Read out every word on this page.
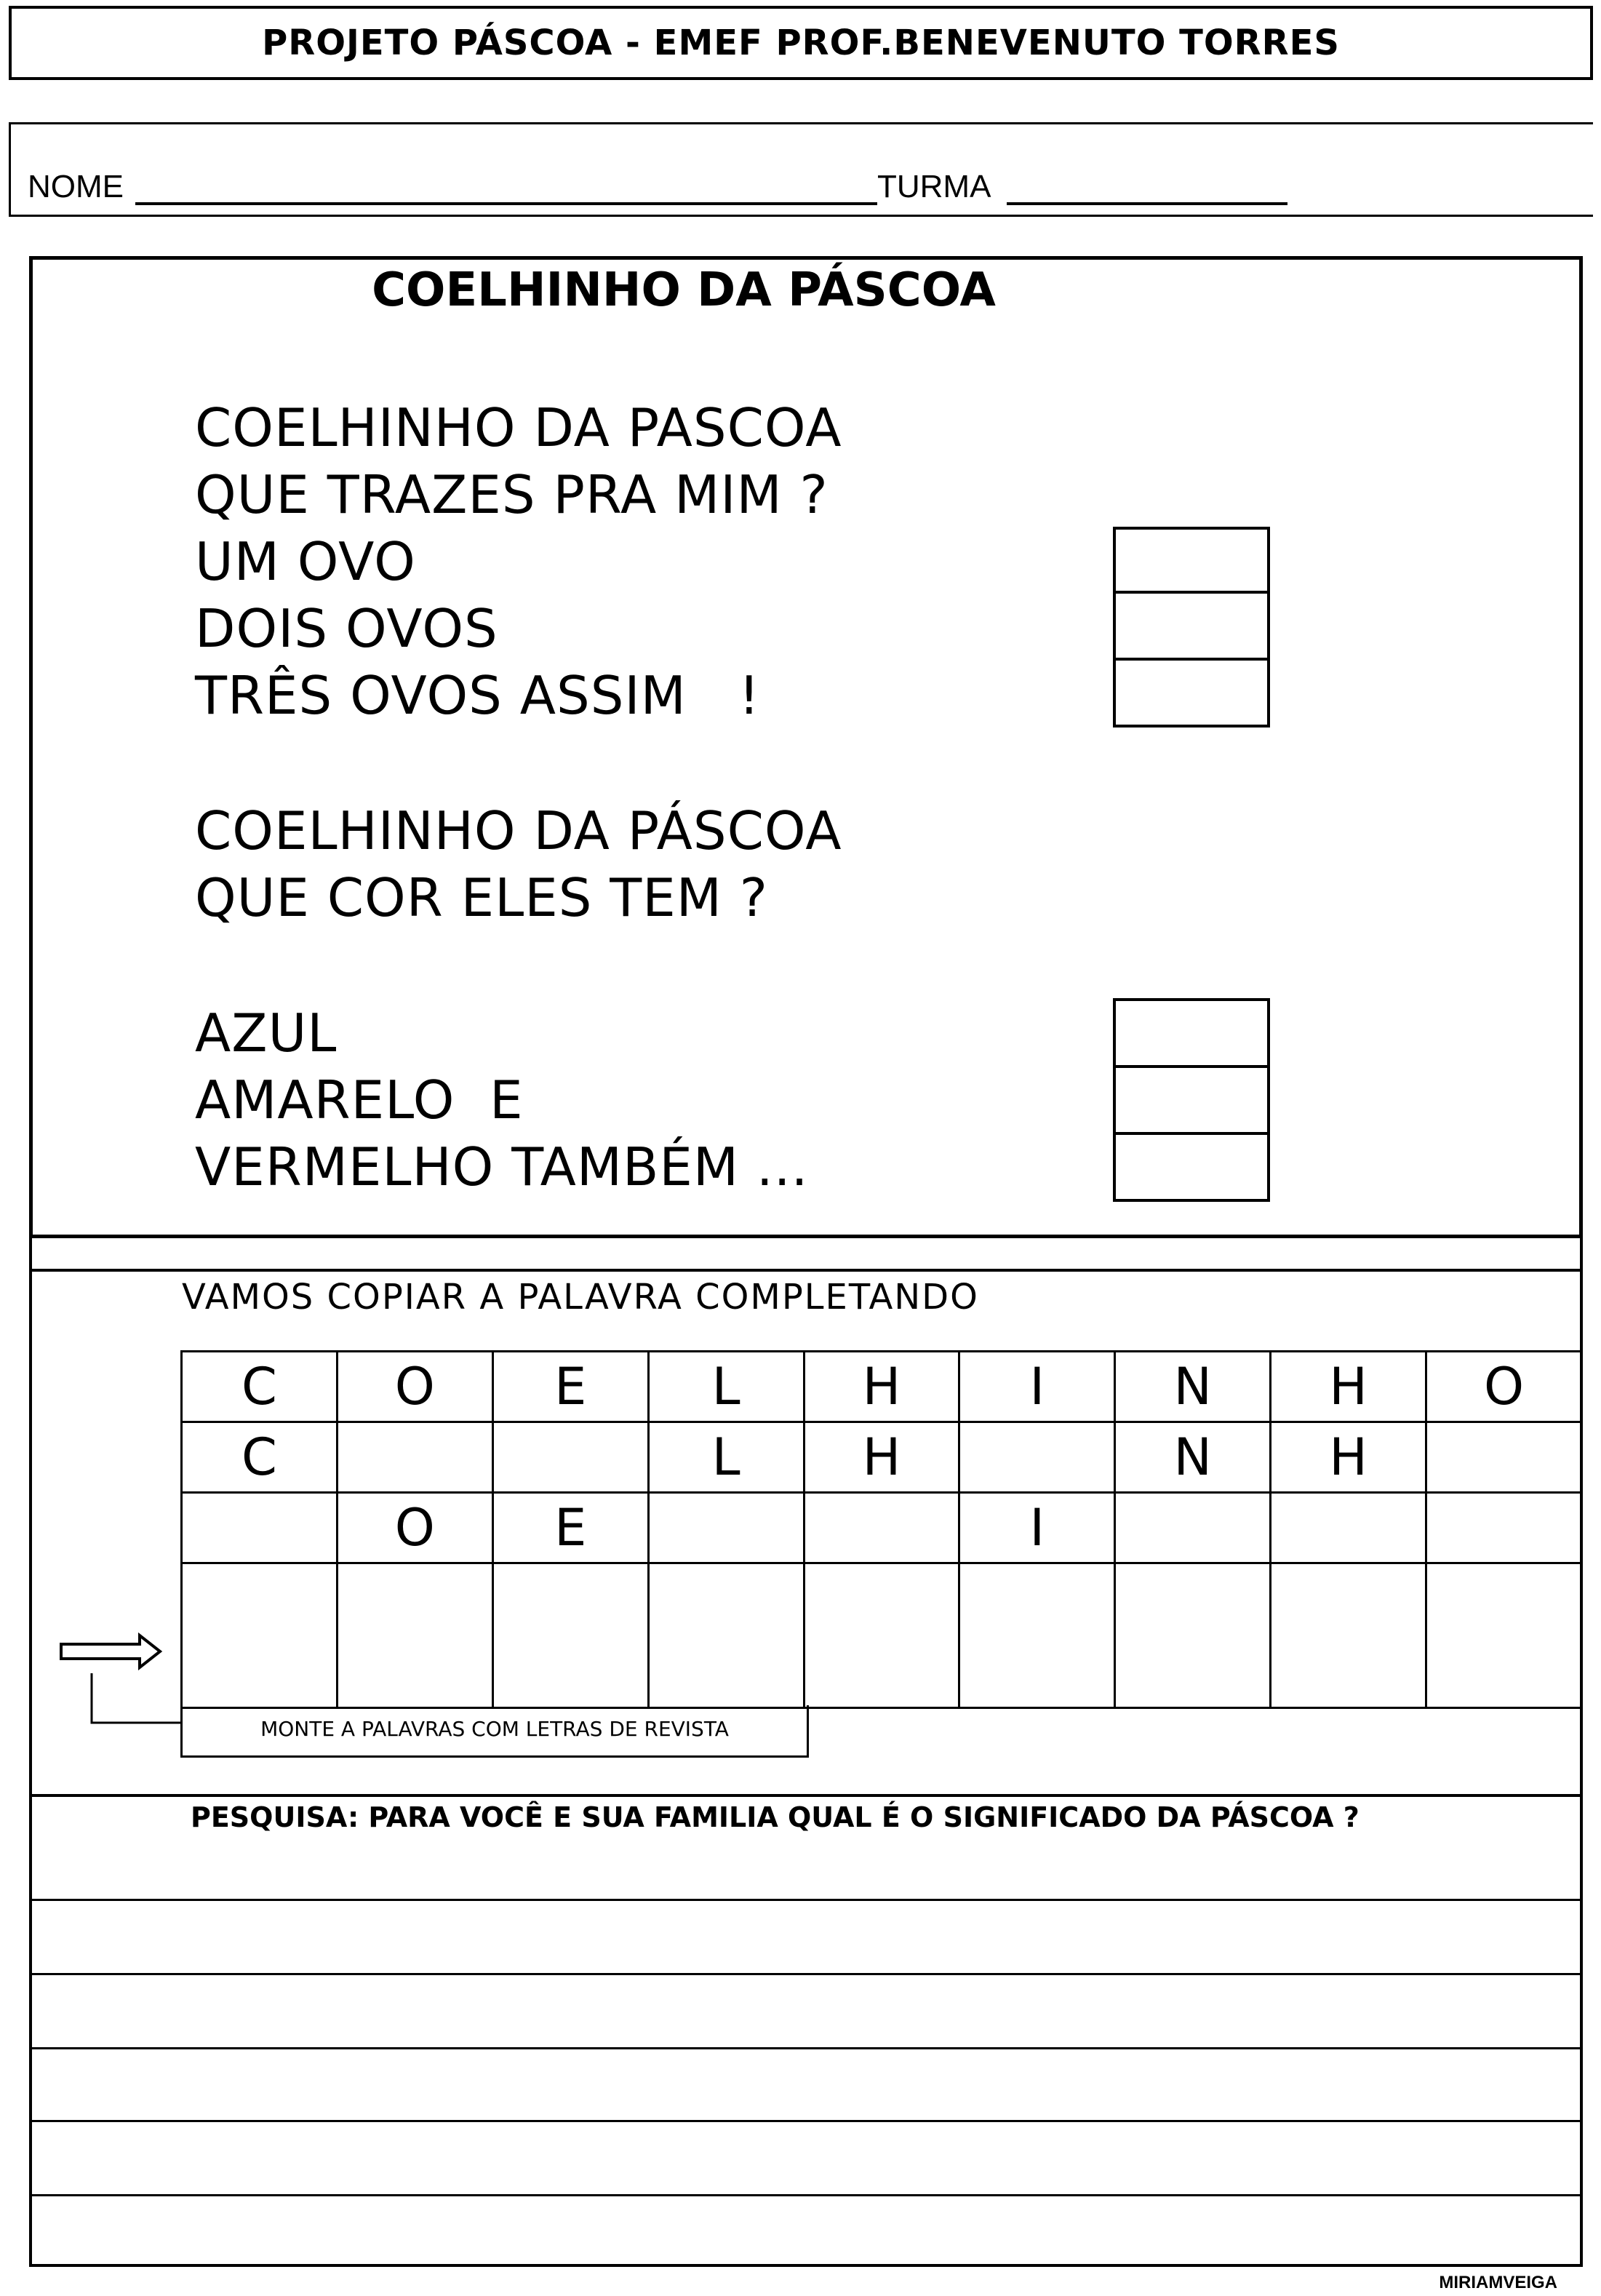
PROJETO PÁSCOA - EMEF PROF.BENEVENUTO TORRES
NOME	TURMA
COELHINHO DA PÁSCOA
COELHINHO DA PASCOA
QUE TRAZES PRA MIM ?
UM OVO
DOIS OVOS
TRÊS OVOS ASSIM   !
COELHINHO DA PÁSCOA
QUE COR ELES TEM ?
AZUL
AMARELO  E
VERMELHO TAMBÉM ...
VAMOS COPIAR A PALAVRA COMPLETANDO
C	O	E	L	H	I	N	H	O
C			L	H		N	H	
	O	E			I			

MONTE A PALAVRAS COM LETRAS DE REVISTA
PESQUISA: PARA VOCÊ E SUA FAMILIA QUAL É O SIGNIFICADO DA PÁSCOA ?
MIRIAMVEIGA
